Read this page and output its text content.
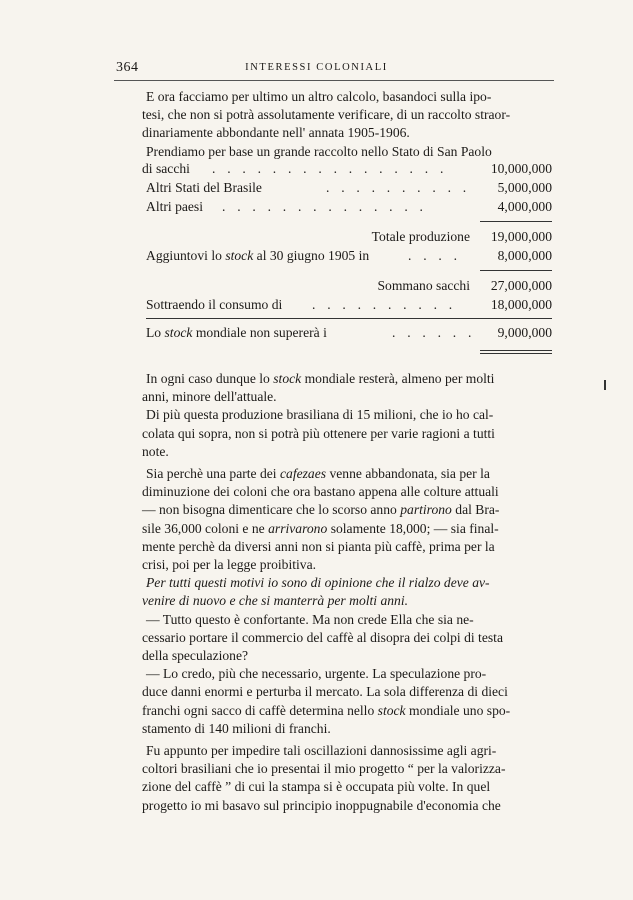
364	INTERESSI COLONIALI
E ora facciamo per ultimo un altro calcolo, basandoci sulla ipo-
tesi, che non si potrà assolutamente verificare, di un raccolto straor-
dinariamente abbondante nell' annata 1905-1906.
Prendiamo per base un grande raccolto nello Stato di San Paolo
di sacchi . . . . . . . . . . . . . . . .	10,000,000
Altri Stati del Brasile	. . . . . . . . . . 5,000,000
Altri paesi . . . . . . . . . . . . . .	4,000,000
Totale produzione 19,000,000
Aggiuntovi lo stock al 30 giugno 1905 in	. . . .	8,000,000
Sommano sacchi 27,000,000
Sottraendo il consumo di . . . . . . . . . .	18,000,000
Lo stock mondiale non supererà i	. . . . . . 9,000,000
In ogni caso dunque lo stock mondiale resterà, almeno per molti
anni, minore dell'attuale.
Di più questa produzione brasiliana di 15 milioni, che io ho cal-
colata qui sopra, non si potrà più ottenere per varie ragioni a tutti
note.
Sia perchè una parte dei cafezaes venne abbandonata, sia per la
diminuzione dei coloni che ora bastano appena alle colture attuali
— non bisogna dimenticare che lo scorso anno partirono dal Bra-
sile 36,000 coloni e ne arrivarono solamente 18,000; — sia final-
mente perchè da diversi anni non si pianta più caffè, prima per la
crisi, poi per la legge proibitiva.
Per tutti questi motivi io sono di opinione che il rialzo deve av-
venire di nuovo e che si manterrà per molti anni.
— Tutto questo è confortante. Ma non crede Ella che sia ne-
cessario portare il commercio del caffè al disopra dei colpi di testa
della speculazione?
— Lo credo, più che necessario, urgente. La speculazione pro-
duce danni enormi e perturba il mercato. La sola differenza di dieci
franchi ogni sacco di caffè determina nello stock mondiale uno spo-
stamento di 140 milioni di franchi.
Fu appunto per impedire tali oscillazioni dannosissime agli agri-
coltori brasiliani che io presentai il mio progetto “ per la valorizza-
zione del caffè ” di cui la stampa si è occupata più volte. In quel
progetto io mi basavo sul principio inoppugnabile d'economia che
